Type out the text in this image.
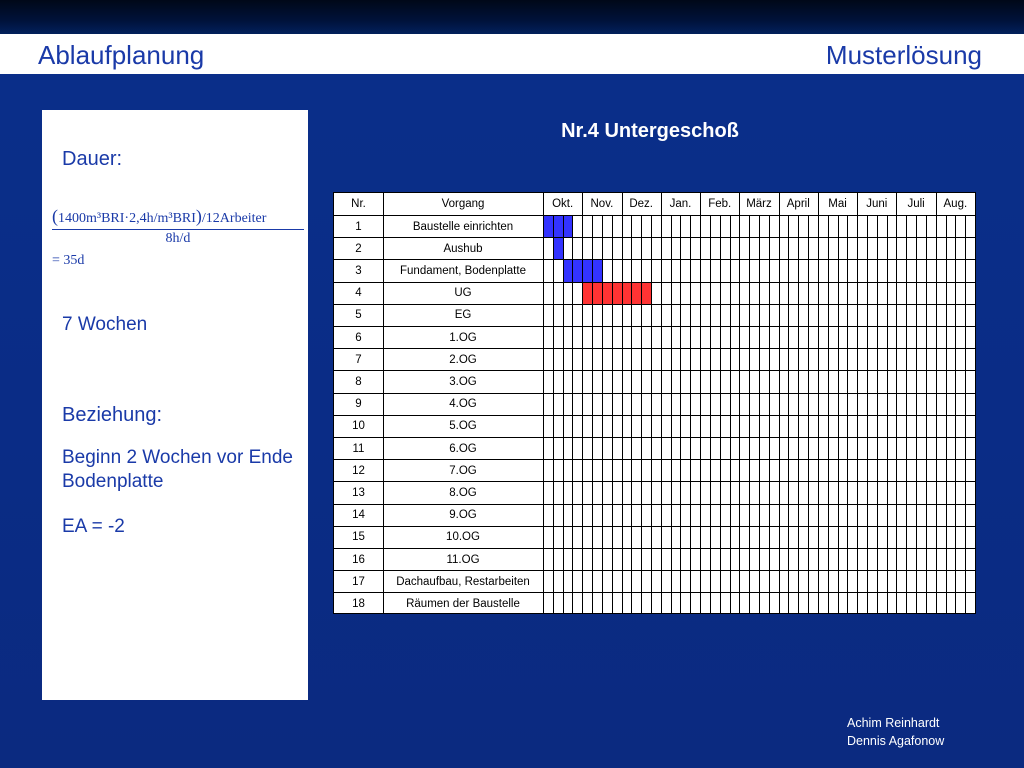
Ablaufplanung	Musterlösung
Dauer:
(1400m³BRI·2,4h/m³BRI)/12Arbeiter
8h/d
= 35d
7 Wochen
Beziehung:
Beginn 2 Wochen vor Ende Bodenplatte
EA = -2
Nr.4 Untergeschoß
Nr.	Vorgang	Okt.	Nov.	Dez.	Jan.	Feb.	März	April	Mai	Juni	Juli	Aug.
1	Baustelle einrichten
2	Aushub
3	Fundament, Bodenplatte
4	UG
5	EG
6	1.OG
7	2.OG
8	3.OG
9	4.OG
10	5.OG
11	6.OG
12	7.OG
13	8.OG
14	9.OG
15	10.OG
16	11.OG
17	Dachaufbau, Restarbeiten
18	Räumen der Baustelle
Achim Reinhardt
Dennis Agafonow
